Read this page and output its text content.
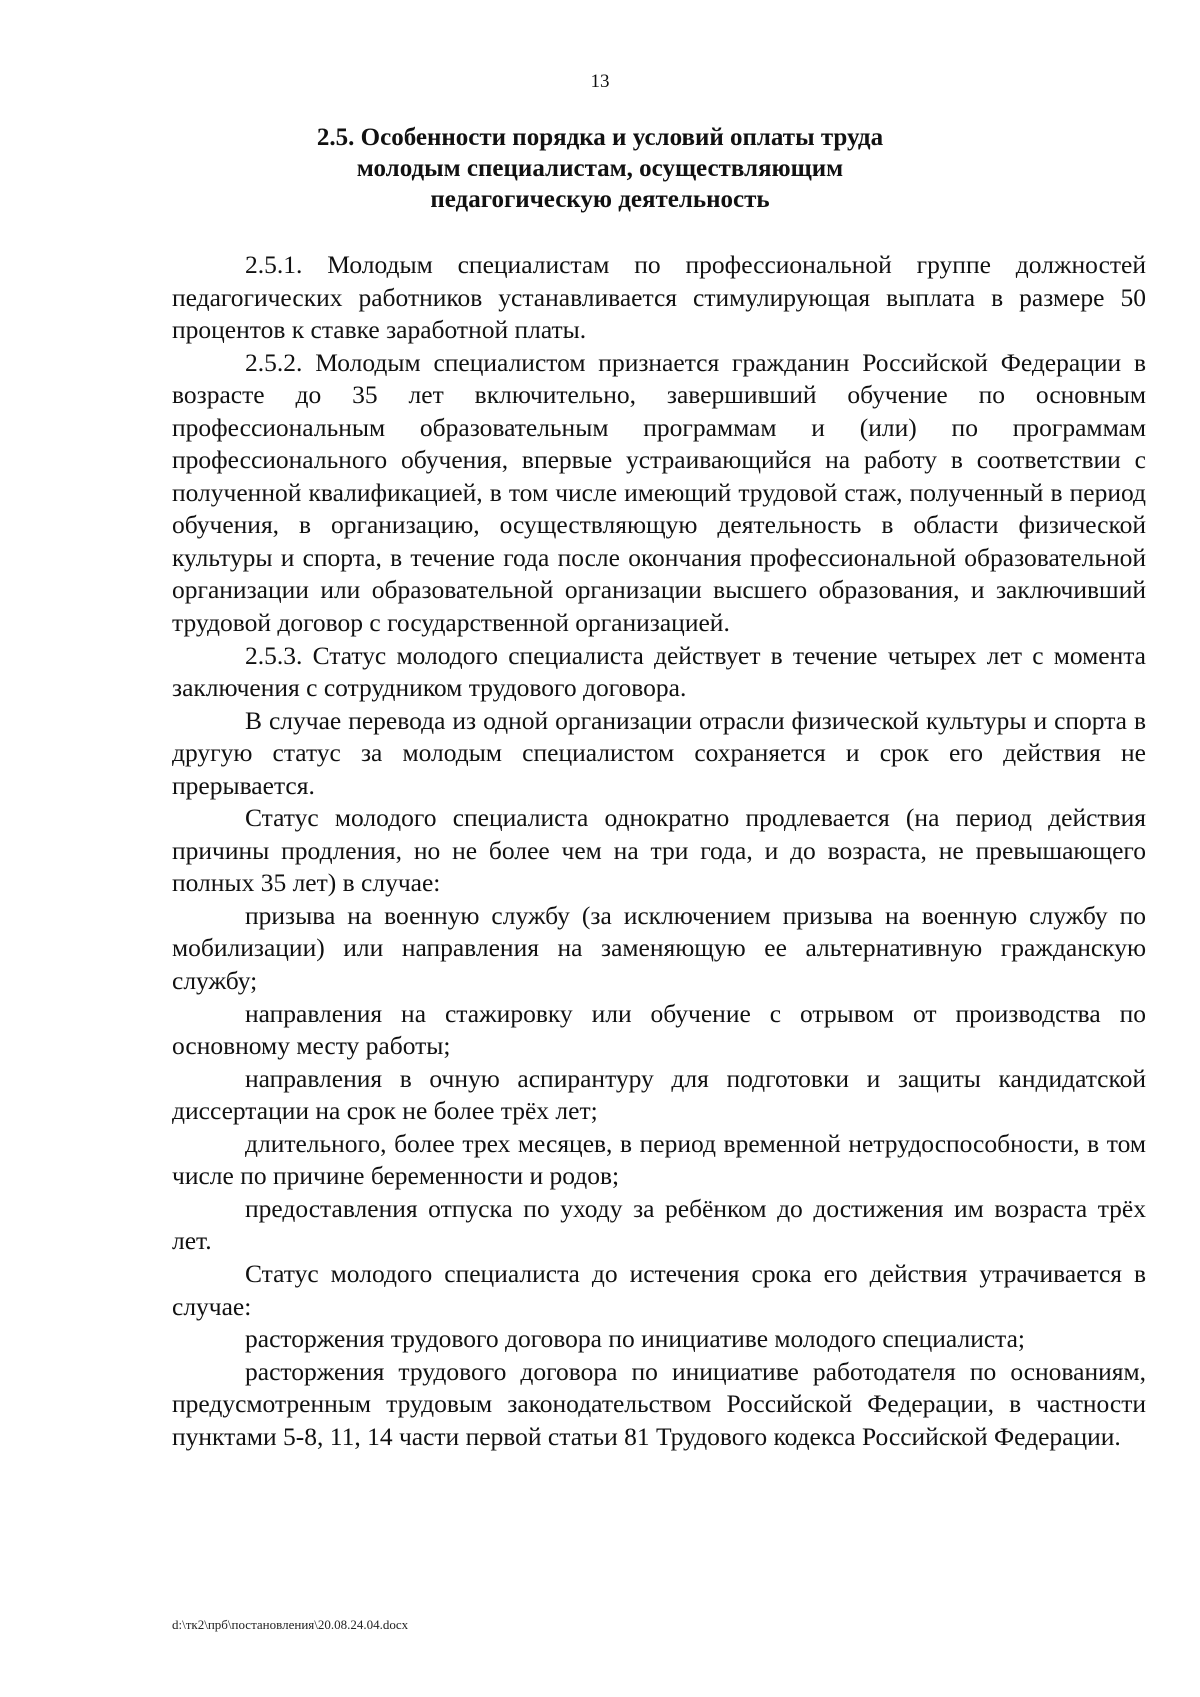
13
2.5. Особенности порядка и условий оплаты труда
молодым специалистам, осуществляющим
педагогическую деятельность

2.5.1. Молодым специалистам по профессиональной группе должностей педагогических работников устанавливается стимулирующая выплата в размере 50 процентов к ставке заработной платы.

2.5.2. Молодым специалистом признается гражданин Российской Федерации в возрасте до 35 лет включительно, завершивший обучение по основным профессиональным образовательным программам и (или) по программам профессионального обучения, впервые устраивающийся на работу в соответствии с полученной квалификацией, в том числе имеющий трудовой стаж, полученный в период обучения, в организацию, осуществляющую деятельность в области физической культуры и спорта, в течение года после окончания профессиональной образовательной организации или образовательной организации высшего образования, и заключивший трудовой договор с государственной организацией.

2.5.3. Статус молодого специалиста действует в течение четырех лет с момента заключения с сотрудником трудового договора.

В случае перевода из одной организации отрасли физической культуры и спорта в другую статус за молодым специалистом сохраняется и срок его действия не прерывается.

Статус молодого специалиста однократно продлевается (на период действия причины продления, но не более чем на три года, и до возраста, не превышающего полных 35 лет) в случае:

призыва на военную службу (за исключением призыва на военную службу по мобилизации) или направления на заменяющую ее альтернативную гражданскую службу;

направления на стажировку или обучение с отрывом от производства по основному месту работы;

направления в очную аспирантуру для подготовки и защиты кандидатской диссертации на срок не более трёх лет;

длительного, более трех месяцев, в период временной нетрудоспособности, в том числе по причине беременности и родов;

предоставления отпуска по уходу за ребёнком до достижения им возраста трёх лет.

Статус молодого специалиста до истечения срока его действия утрачивается в случае:

расторжения трудового договора по инициативе молодого специалиста;

расторжения трудового договора по инициативе работодателя по основаниям, предусмотренным трудовым законодательством Российской Федерации, в частности пунктами 5-8, 11, 14 части первой статьи 81 Трудового кодекса Российской Федерации.

d:\тк2\прб\постановления\20.08.24.04.docx
